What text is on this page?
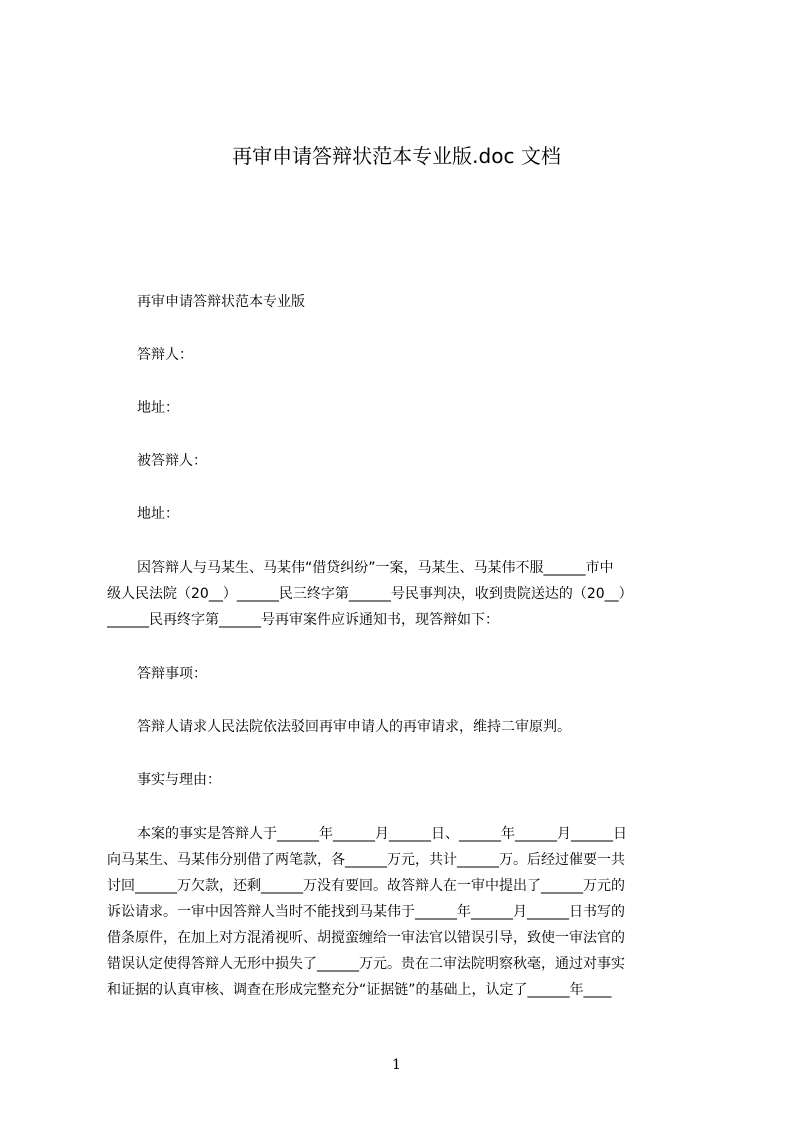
再审申请答辩状范本专业版.doc 文档
再审申请答辩状范本专业版
答辩人：
地址：
被答辩人：
地址：
因答辩人与马某生、马某伟“借贷纠纷”一案，马某生、马某伟不服______市中
级人民法院（20__）______民三终字第______号民事判决，收到贵院送达的（20__）
______民再终字第______号再审案件应诉通知书，现答辩如下：
答辩事项：
答辩人请求人民法院依法驳回再审申请人的再审请求，维持二审原判。
事实与理由：
本案的事实是答辩人于______年______月______日、______年______月______日
向马某生、马某伟分别借了两笔款，各______万元，共计______万。后经过催要一共
讨回______万欠款，还剩______万没有要回。故答辩人在一审中提出了______万元的
诉讼请求。一审中因答辩人当时不能找到马某伟于______年______月______日书写的
借条原件，在加上对方混淆视听、胡搅蛮缠给一审法官以错误引导，致使一审法官的
错误认定使得答辩人无形中损失了______万元。贵在二审法院明察秋毫，通过对事实
和证据的认真审核、调查在形成完整充分“证据链”的基础上，认定了______年____
1
